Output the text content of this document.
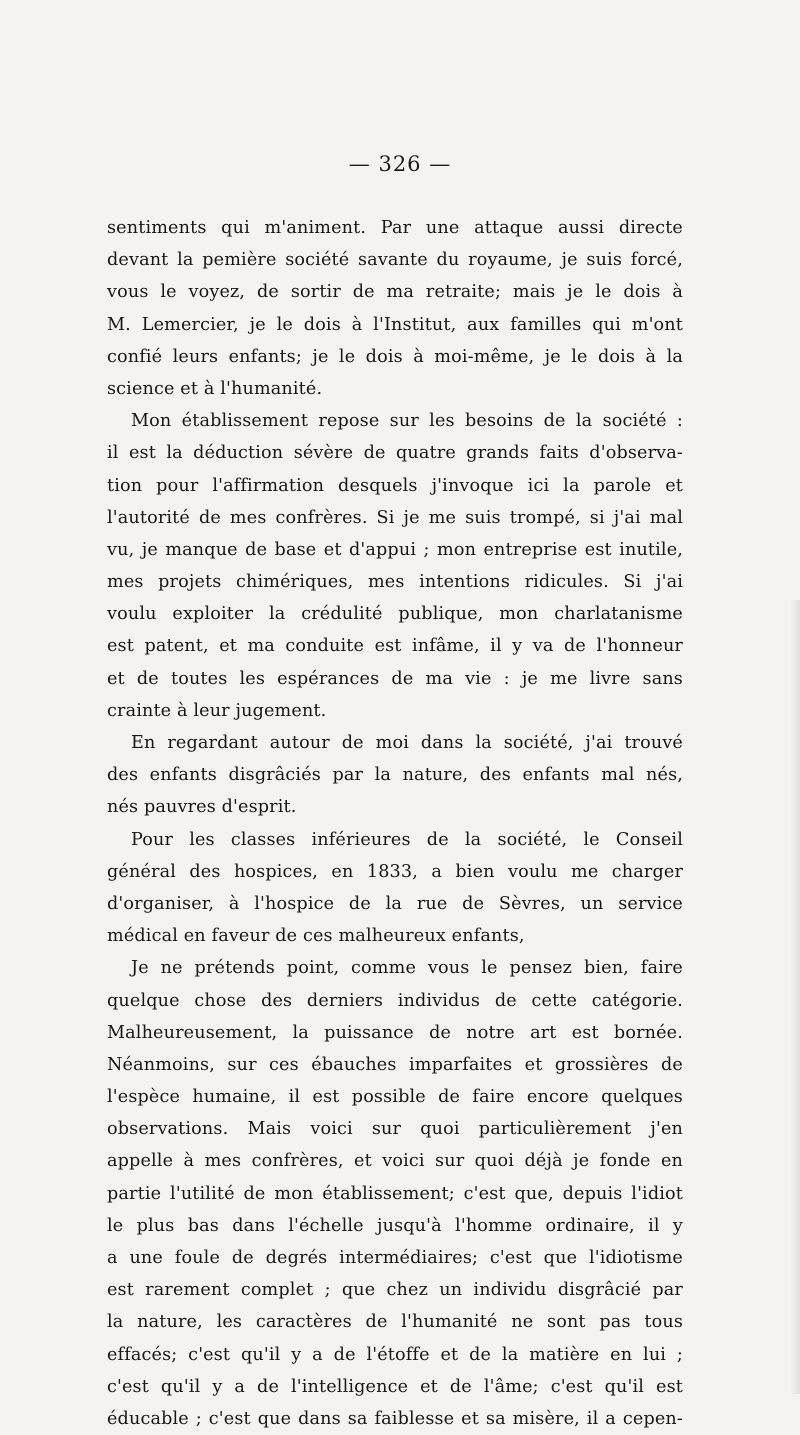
— 326 —
sentiments qui m'animent. Par une attaque aussi directe
devant la pemière société savante du royaume, je suis forcé,
vous le voyez, de sortir de ma retraite; mais je le dois à
M. Lemercier, je le dois à l'Institut, aux familles qui m'ont
confié leurs enfants; je le dois à moi-même, je le dois à la
science et à l'humanité.
Mon établissement repose sur les besoins de la société :
il est la déduction sévère de quatre grands faits d'observa-
tion pour l'affirmation desquels j'invoque ici la parole et
l'autorité de mes confrères. Si je me suis trompé, si j'ai mal
vu, je manque de base et d'appui ; mon entreprise est inutile,
mes projets chimériques, mes intentions ridicules. Si j'ai
voulu exploiter la crédulité publique, mon charlatanisme
est patent, et ma conduite est infâme, il y va de l'honneur
et de toutes les espérances de ma vie : je me livre sans
crainte à leur jugement.
En regardant autour de moi dans la société, j'ai trouvé
des enfants disgrâciés par la nature, des enfants mal nés,
nés pauvres d'esprit.
Pour les classes inférieures de la société, le Conseil
général des hospices, en 1833, a bien voulu me charger
d'organiser, à l'hospice de la rue de Sèvres, un service
médical en faveur de ces malheureux enfants,
Je ne prétends point, comme vous le pensez bien, faire
quelque chose des derniers individus de cette catégorie.
Malheureusement, la puissance de notre art est bornée.
Néanmoins, sur ces ébauches imparfaites et grossières de
l'espèce humaine, il est possible de faire encore quelques
observations. Mais voici sur quoi particulièrement j'en
appelle à mes confrères, et voici sur quoi déjà je fonde en
partie l'utilité de mon établissement; c'est que, depuis l'idiot
le plus bas dans l'échelle jusqu'à l'homme ordinaire, il y
a une foule de degrés intermédiaires; c'est que l'idiotisme
est rarement complet ; que chez un individu disgrâcié par
la nature, les caractères de l'humanité ne sont pas tous
effacés; c'est qu'il y a de l'étoffe et de la matière en lui ;
c'est qu'il y a de l'intelligence et de l'âme; c'est qu'il est
éducable ; c'est que dans sa faiblesse et sa misère, il a cepen-
